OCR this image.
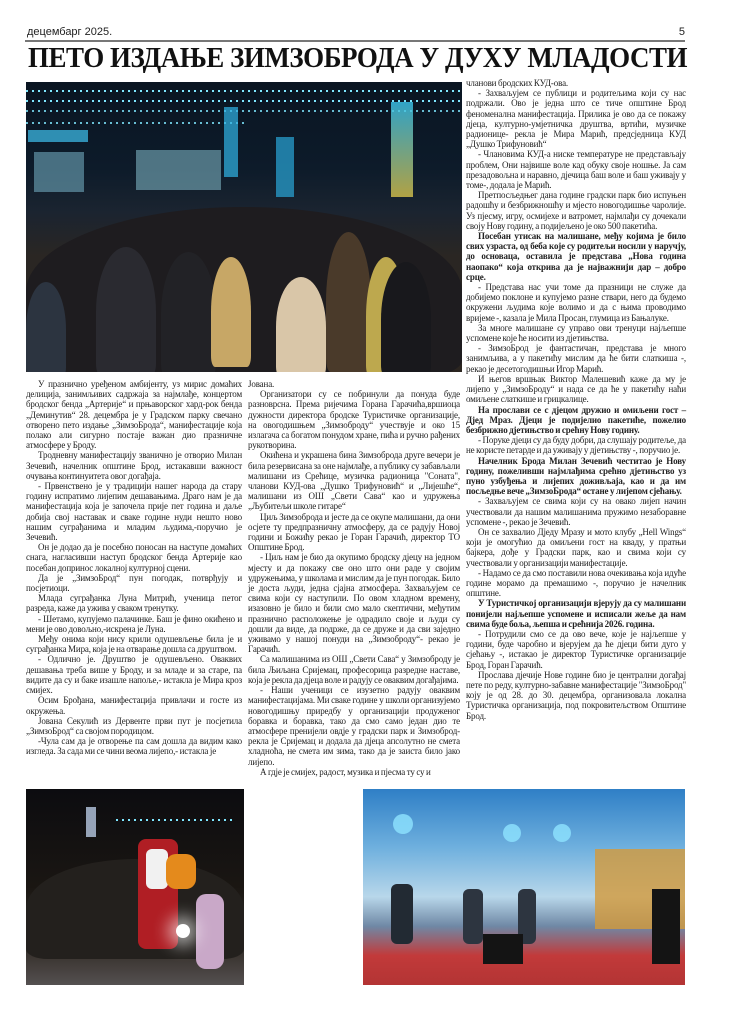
децембарг 2025.	5
ПЕТО ИЗДАЊЕ ЗИМЗОБРОДА У ДУХУ МЛАДОСТИ

У празнично уређеном амбијенту, уз мирис домаћих делиција, занимљивих садржаја за најмлађе, концертом бродског бенда „Артерије“ и прњаворског хард-рок бенда „Деминутив“ 28. децембра је у Градском парку свечано отворено пето издање „ЗимзоБрода“, манифестације која полако али сигурно постаје важан дио празничне атмосфере у Броду.

Тродневну манифестацију званично је отворио Милан Зечевић, начелник општине Брод, истакавши важност очувања континуитета овог догађаја.

- Првенствено је у традицији нашег народа да стару годину испратимо лијепим дешавањима. Драго нам је да манифестација која је започела прије пет година и даље добија свој наставак и сваке године нуди нешто ново нашим суграђанима и младим људима,-поручио је Зечевић.

Он је додао да је посебно поносан на наступе домаћих снага, нагласивши наступ бродског бенда Артерије као посебан допринос локалној културној сцени.

Да је „ЗимзоБрод“ пун погодак, потврђују и посјетиоци.

Млада суграђанка Луна Митрић, ученица петог разреда, каже да ужива у сваком тренутку.

- Шетамо, купујемо палачинке. Баш је фино окићено и мени је ово довољно,-искрена је Луна.

Међу онима који нису крили одушевљење била је и суграђанка Мира, која је на отварање дошла са друштвом.

- Одлично је. Друштво је одушевљено. Оваквих дешавања треба више у Броду, и за младе и за старе, па видите да су и баке изашле напоље,- истакла је Мира кроз смијех.

Осим Брођана, манифестација привлачи и госте из окружења.

Јована Секулић из Дервенте први пут је посјетила „ЗимзоБрод“ са својом породицом.

-Чула сам да је отворење па сам дошла да видим како изгледа. За сада ми се чини веома лијепо,- истакла је

Јована.

Организатори су се побринули да понуда буде разноврсна. Према ријечима Горана Гарачића,вршиоца дужности директора бродске Туристичке организације, на овогодишњем „Зимзоброду“ учествује и око 15 излагача са богатом понудом хране, пића и ручно рађених рукотворина.

Окићена и украшена бина Зимзоброда друге вечери је била резервисана за оне најмлађе, а публику су забављали малишани из Срећице, музичка радионица "Соната", чланови КУД-ова „Душко Трифуновић“ и „Лијешће“, малишани из ОШ „Свети Сава“ као и удружења „Љубитељи школе гитаре“

Циљ Зимзоброда и јесте да се окупе малишани, да они осјете ту предпразничну атмосферу, да се радују Новој години и Божићу рекао је Горан Гарачић, директор ТО Општине Брод.

- Циљ нам је био да окупимо бродску дјецу на једном мјесту и да покажу све оно што они раде у својим удружењима, у школама и мислим да је пун погодак. Било је доста људи, једна сјајна атмосфера. Захваљујем се свима који су наступили. По овом хладном времену, изазовно је било и били смо мало скептични, међутим празнично расположење је одрадило своје и људи су дошли да виде, да подрже, да се друже и да сви заједно уживамо у нашој понуди на „Зимзоброду“- рекао је Гарачић.

Са малишанима из ОШ „Свети Сава“ у Зимзоброду је била Љиљана Сријемац, професорица разредне наставе, која је рекла да дјеца воле и радују се оваквим догађајима.

- Наши ученици се изузетно радују оваквим манифестацијама. Ми сваке године у школи организујемо новогодишњу приредбу у организацији продуженог боравка и боравка, тако да смо само један дио те атмосфере пренијели овдје у градски парк и Зимзоброд- рекла је Сријемац и додала да дјеца апсолутно не смета хладноћа, не смета им зима, тако да је заиста било јако лијепо.

А гдје је смијех, радост, музика и пјесма ту су и

чланови бродских КУД-ова.

- Захваљујем се публици и родитељима који су нас подржали. Ово је једна што се тиче општине Брод феноменална манифестација. Прилика је ово да се покажу дјеца, културно-умјетничка друштва, вртићи, музичке радионице- рекла је Мира Марић, предсједница КУД „Душко Трифуновић“

- Члановима КУД-а ниске температуре не представљају проблем, Они највише воле кад обуку своје ношње. Ја сам презадовољна и наравно, дјечица баш воле и баш уживају у томе-, додала је Марић.

Претпосљедњег дана године градски парк био испуњен радошћу и безбрижношћу и мјесто новогодишње чаролије. Уз пјесму, игру, осмијехе и ватромет, најмлађи су дочекали своју Нову годину, а подијељено је око 500 пакетића.

Посебан утисак на малишане, међу којима је било свих узраста, од беба које су родитељи носили у наручју, до основаца, оставила је представа „Нова година наопако“ која открива да је најважнији дар – добро срце.

- Представа нас учи томе да празници не служе да добијемо поклоне и купујемо разне ствари, него да будемо окружени људима које волимо и да с њима проводимо вријеме -, казала је Мила Просан, глумица из Бањалуке.

За многе малишане су управо ови тренуци најљепше успомене које ће носити из дјетињства.

- ЗимзоБрод је фантастичан, представа је много занимљива, а у пакетићу мислим да ће бити слаткиша -, рекао је десетогодишњи Игор Марић.

И његов вршњак Виктор Малешевић каже да му је лијепо у „ЗимзоБроду“ и нада се да ће у пакетићу наћи омиљене слаткише и грицкалице.

На прослави се с дјецом дружио и омиљени гост – Дјед Мраз. Дјеци је подијелио пакетиће, пожелио безбрижно дјетињство и срећну Нову годину.

- Поруке дјеци су да буду добри, да слушају родитеље, да не користе петарде и да уживају у дјетињству -, поручио је.

Начелник Брода Милан Зечевић честитао је Нову годину, пожеливши најмлађима срећно дјетињство уз пуно узбуђења и лијепих доживљаја, као и да им посљедње вече „ЗимзоБрода“ остане у лијепом сјећању.

- Захваљујем се свима који су на овако лијеп начин учествовали да нашим малишанима пружимо незаборавне успомене -, рекао је Зечевић.

Он се захвалио Дједу Мразу и мото клубу „Hell Wings“ који је омогућио да омиљени гост на кваду, у пратњи бајкера, дође у Градски парк, као и свима који су учествовали у организацији манифестације.

- Надамо се да смо поставили нова очекивања која идуће године морамо да премашимо -, поручио је начелник општине.

У Туристичкој организацији вјерују да су малишани понијели најљепше успомене и исписали жеље да нам свима буде боља, љепша и срећнија 2026. година.

- Потрудили смо се да ово вече, које је најљепше у години, буде чаробно и вјерујем да ће дјеци бити дуго у сјећању -, истакао је директор Туристичке организације Брод, Горан Гарачић.

Прослава дјечије Нове године био је централни догађај пете по реду, културно-забавне манифестације "ЗимзоБрод" коју је од 28. до 30. децембра, организовала локална Туристичка организација, под покровитељством Општине Брод.
